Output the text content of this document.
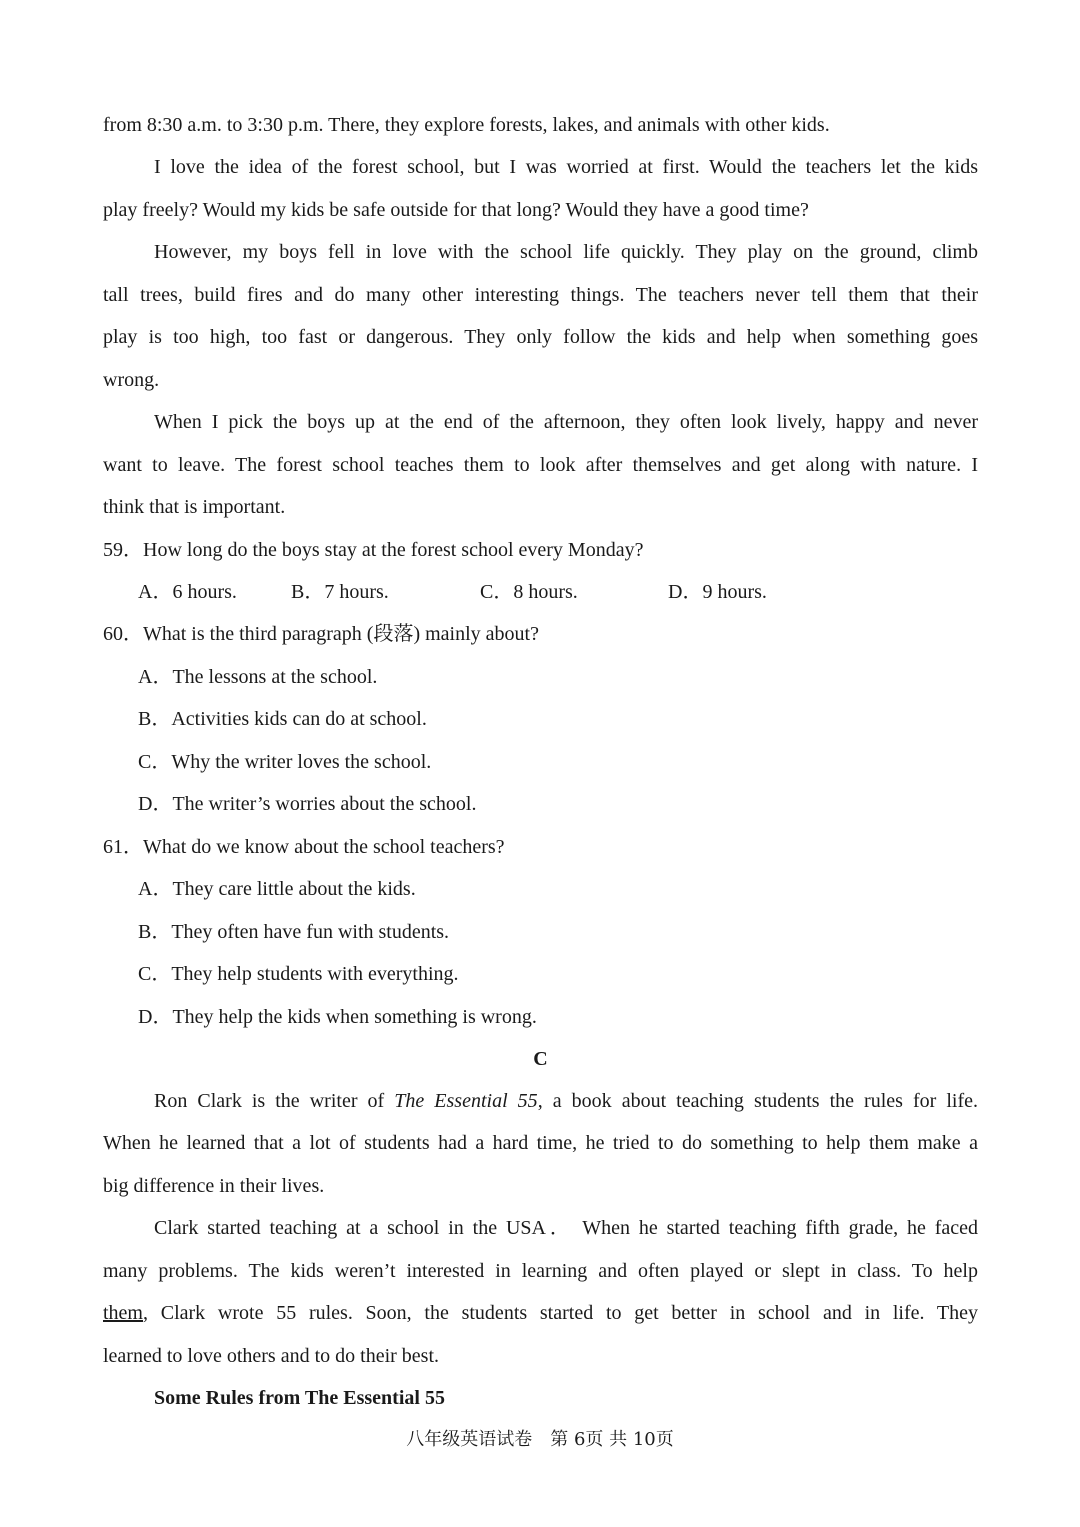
from 8:30 a.m. to 3:30 p.m. There, they explore forests, lakes, and animals with other kids.
I love the idea of the forest school, but I was worried at first. Would the teachers let the kids
play freely? Would my kids be safe outside for that long? Would they have a good time?
However, my boys fell in love with the school life quickly. They play on the ground, climb
tall trees, build fires and do many other interesting things. The teachers never tell them that their
play is too high, too fast or dangerous. They only follow the kids and help when something goes
wrong.
When I pick the boys up at the end of the afternoon, they often look lively, happy and never
want to leave. The forest school teaches them to look after themselves and get along with nature. I
think that is important.
59．How long do the boys stay at the forest school every Monday?
A．6 hours.	B．7 hours.	C．8 hours.	D．9 hours.
60．What is the third paragraph (段落) mainly about?
A．The lessons at the school.
B．Activities kids can do at school.
C．Why the writer loves the school.
D．The writer’s worries about the school.
61．What do we know about the school teachers?
A．They care little about the kids.
B．They often have fun with students.
C．They help students with everything.
D．They help the kids when something is wrong.
C
Ron Clark is the writer of The Essential 55, a book about teaching students the rules for life.
When he learned that a lot of students had a hard time, he tried to do something to help them make a
big difference in their lives.
Clark started teaching at a school in the USA． When he started teaching fifth grade, he faced
many problems. The kids weren’t interested in learning and often played or slept in class. To help
them, Clark wrote 55 rules. Soon, the students started to get better in school and in life. They
learned to love others and to do their best.
Some Rules from The Essential 55
八年级英语试卷　第 6页 共 10页
